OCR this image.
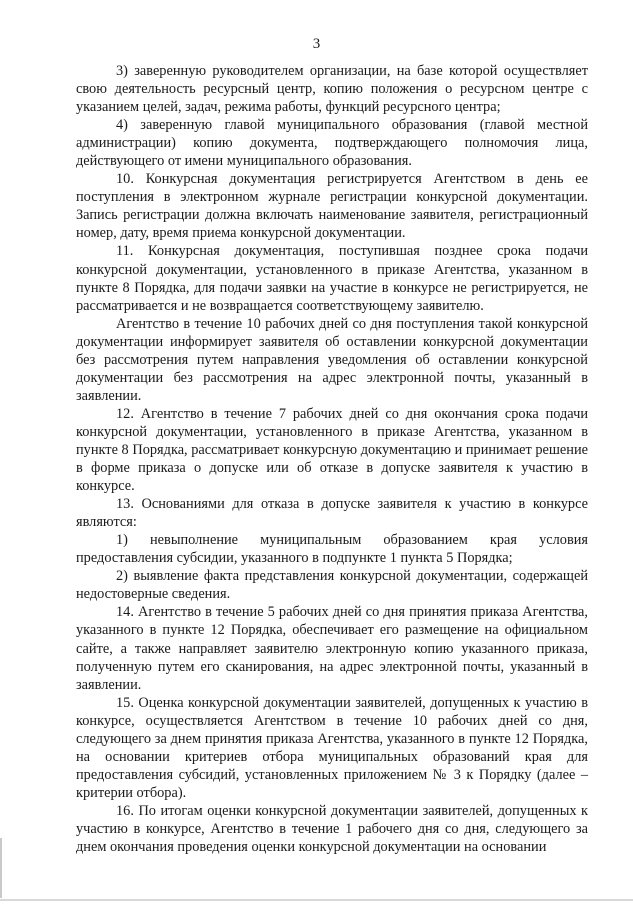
3

3) заверенную руководителем организации, на базе которой осуществляет свою деятельность ресурсный центр, копию положения о ресурсном центре с указанием целей, задач, режима работы, функций ресурсного центра;

4) заверенную главой муниципального образования (главой местной администрации) копию документа, подтверждающего полномочия лица, действующего от имени муниципального образования.

10. Конкурсная документация регистрируется Агентством в день ее поступления в электронном журнале регистрации конкурсной документации. Запись регистрации должна включать наименование заявителя, регистрационный номер, дату, время приема конкурсной документации.

11. Конкурсная документация, поступившая позднее срока подачи конкурсной документации, установленного в приказе Агентства, указанном в пункте 8 Порядка, для подачи заявки на участие в конкурсе не регистрируется, не рассматривается и не возвращается соответствующему заявителю.

Агентство в течение 10 рабочих дней со дня поступления такой конкурсной документации информирует заявителя об оставлении конкурсной документации без рассмотрения путем направления уведомления об оставлении конкурсной документации без рассмотрения на адрес электронной почты, указанный в заявлении.

12. Агентство в течение 7 рабочих дней со дня окончания срока подачи конкурсной документации, установленного в приказе Агентства, указанном в пункте 8 Порядка, рассматривает конкурсную документацию и принимает решение в форме приказа о допуске или об отказе в допуске заявителя к участию в конкурсе.

13. Основаниями для отказа в допуске заявителя к участию в конкурсе являются:

1) невыполнение муниципальным образованием края условия предоставления субсидии, указанного в подпункте 1 пункта 5 Порядка;

2) выявление факта представления конкурсной документации, содержащей недостоверные сведения.

14. Агентство в течение 5 рабочих дней со дня принятия приказа Агентства, указанного в пункте 12 Порядка, обеспечивает его размещение на официальном сайте, а также направляет заявителю электронную копию указанного приказа, полученную путем его сканирования, на адрес электронной почты, указанный в заявлении.

15. Оценка конкурсной документации заявителей, допущенных к участию в конкурсе, осуществляется Агентством в течение 10 рабочих дней со дня, следующего за днем принятия приказа Агентства, указанного в пункте 12 Порядка, на основании критериев отбора муниципальных образований края для предоставления субсидий, установленных приложением № 3 к Порядку (далее – критерии отбора).

16. По итогам оценки конкурсной документации заявителей, допущенных к участию в конкурсе, Агентство в течение 1 рабочего дня со дня, следующего за днем окончания проведения оценки конкурсной документации на основании
